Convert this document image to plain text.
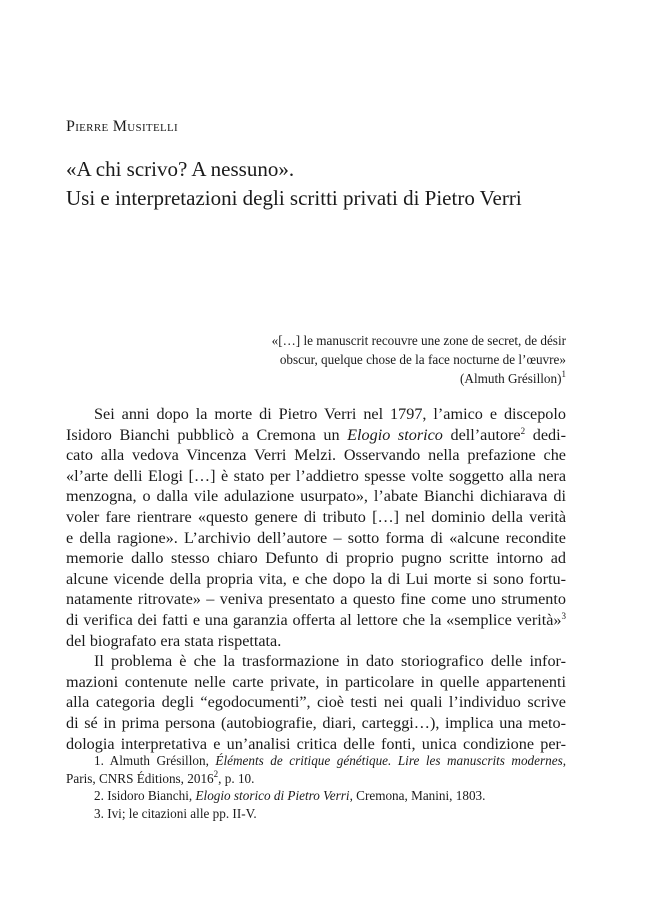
Pierre Musitelli
«A chi scrivo? A nessuno».
Usi e interpretazioni degli scritti privati di Pietro Verri
«[…] le manuscrit recouvre une zone de secret, de désir
obscur, quelque chose de la face nocturne de l’œuvre»
(Almuth Grésillon)$^1$
Sei anni dopo la morte di Pietro Verri nel 1797, l’amico e discepolo
Isidoro Bianchi pubblicò a Cremona un Elogio storico dell’autore$^2$ dedi-
cato alla vedova Vincenza Verri Melzi. Osservando nella prefazione che
«l’arte delli Elogi […] è stato per l’addietro spesse volte soggetto alla nera
menzogna, o dalla vile adulazione usurpato», l’abate Bianchi dichiarava di
voler fare rientrare «questo genere di tributo […] nel dominio della verità
e della ragione». L’archivio dell’autore – sotto forma di «alcune recondite
memorie dallo stesso chiaro Defunto di proprio pugno scritte intorno ad
alcune vicende della propria vita, e che dopo la di Lui morte si sono fortu-
natamente ritrovate» – veniva presentato a questo fine come uno strumento
di verifica dei fatti e una garanzia offerta al lettore che la «semplice verità»$^3$
del biografato era stata rispettata.
Il problema è che la trasformazione in dato storiografico delle infor-
mazioni contenute nelle carte private, in particolare in quelle appartenenti
alla categoria degli “egodocumenti”, cioè testi nei quali l’individuo scrive
di sé in prima persona (autobiografie, diari, carteggi…), implica una meto-
dologia interpretativa e un’analisi critica delle fonti, unica condizione per-
1. Almuth Grésillon, Éléments de critique génétique. Lire les manuscrits modernes,
Paris, CNRS Éditions, 2016$^2$, p. 10.
2. Isidoro Bianchi, Elogio storico di Pietro Verri, Cremona, Manini, 1803.
3. Ivi; le citazioni alle pp. II-V.
